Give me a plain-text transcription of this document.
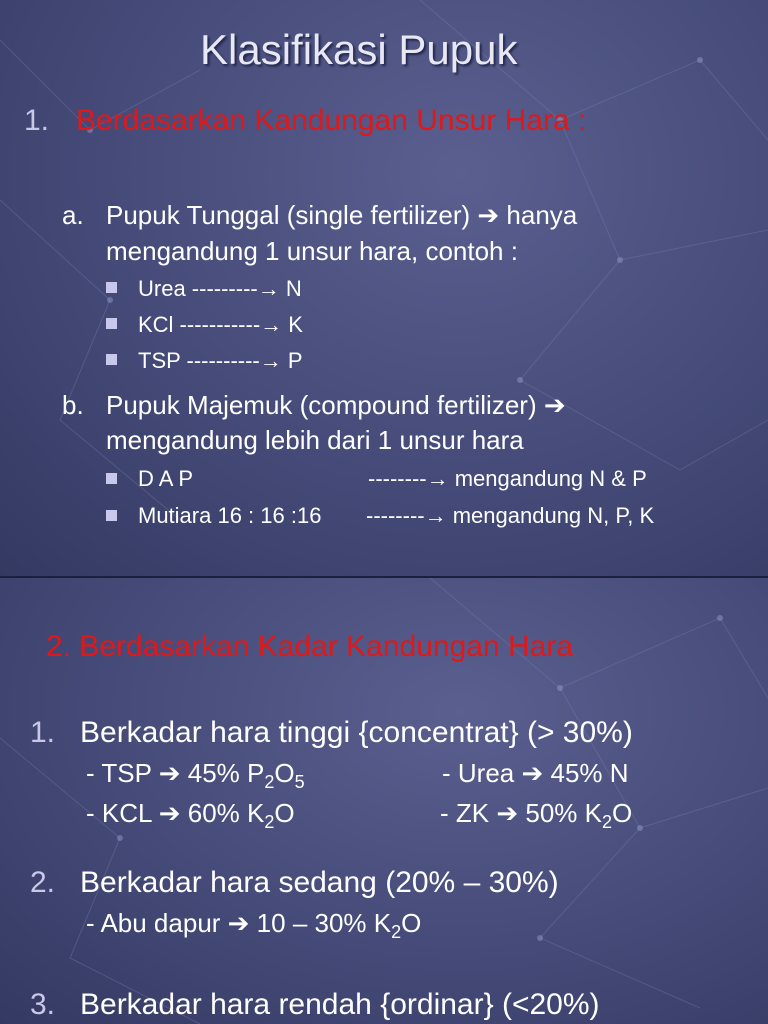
Klasifikasi Pupuk
1. Berdasarkan Kandungan Unsur Hara :
a. Pupuk Tunggal (single fertilizer) ➔ hanya
mengandung 1 unsur hara, contoh :
Urea ---------→ N
KCl -----------→ K
TSP ----------→ P
b. Pupuk Majemuk (compound fertilizer) ➔
mengandung lebih dari 1 unsur hara
D A P	--------→ mengandung N & P
Mutiara 16 : 16 :16 --------→ mengandung N, P, K
2. Berdasarkan Kadar Kandungan Hara
1. Berkadar hara tinggi {concentrat} (> 30%)
- TSP ➔ 45% $P_2O_5$	- Urea ➔ 45% N
- KCL ➔ 60% $K_2O$	- ZK ➔ 50% $K_2O$
2. Berkadar hara sedang (20% – 30%)
- Abu dapur ➔ 10 – 30% $K_2O$
3. Berkadar hara rendah {ordinar} (<20%)
